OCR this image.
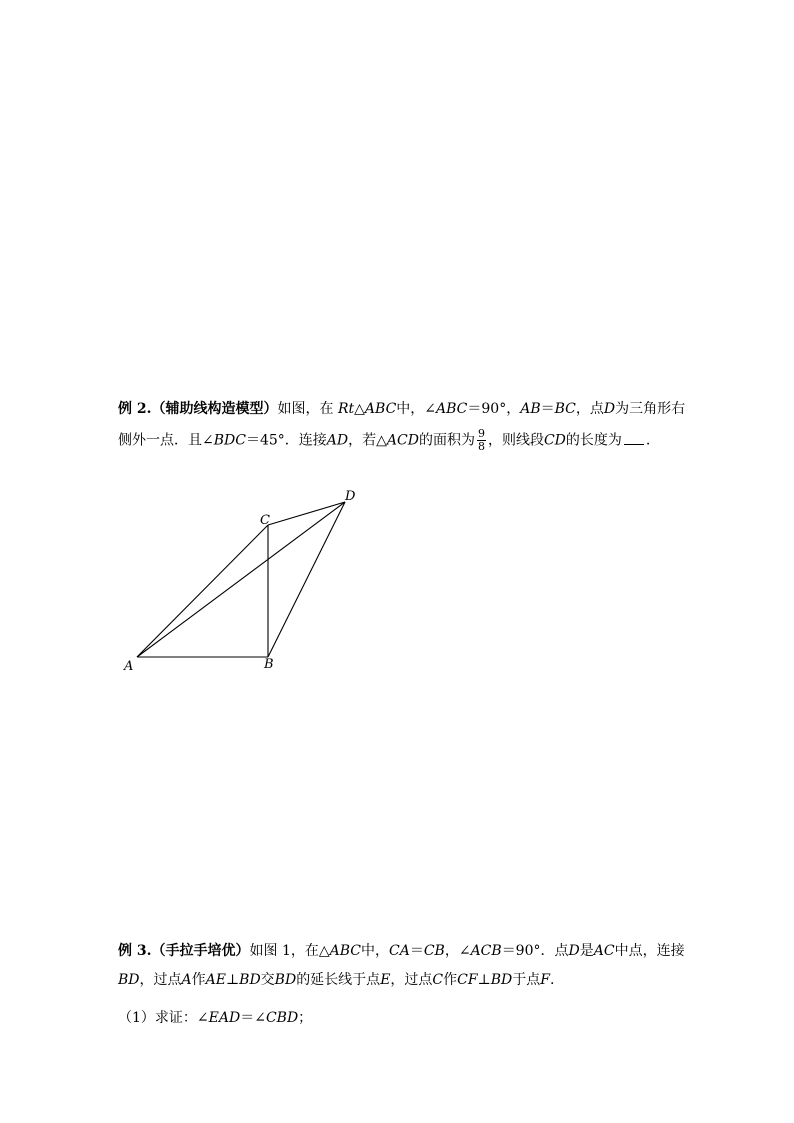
例 2.（辅助线构造模型）如图，在 Rt△ABC中，∠ABC＝90°，AB＝BC，点D为三角形右
侧外一点．且∠BDC＝45°．连接AD，若△ACD的面积为 $\frac{9}{8}$ ，则线段CD的长度为 .
A	B
C
D
例 3.（手拉手培优）如图 1，在△ABC中，CA＝CB，∠ACB＝90°．点D是AC中点，连接
BD，过点A作AE⊥BD交BD的延长线于点E，过点C作CF⊥BD于点F.
（1）求证：∠EAD＝∠CBD；
